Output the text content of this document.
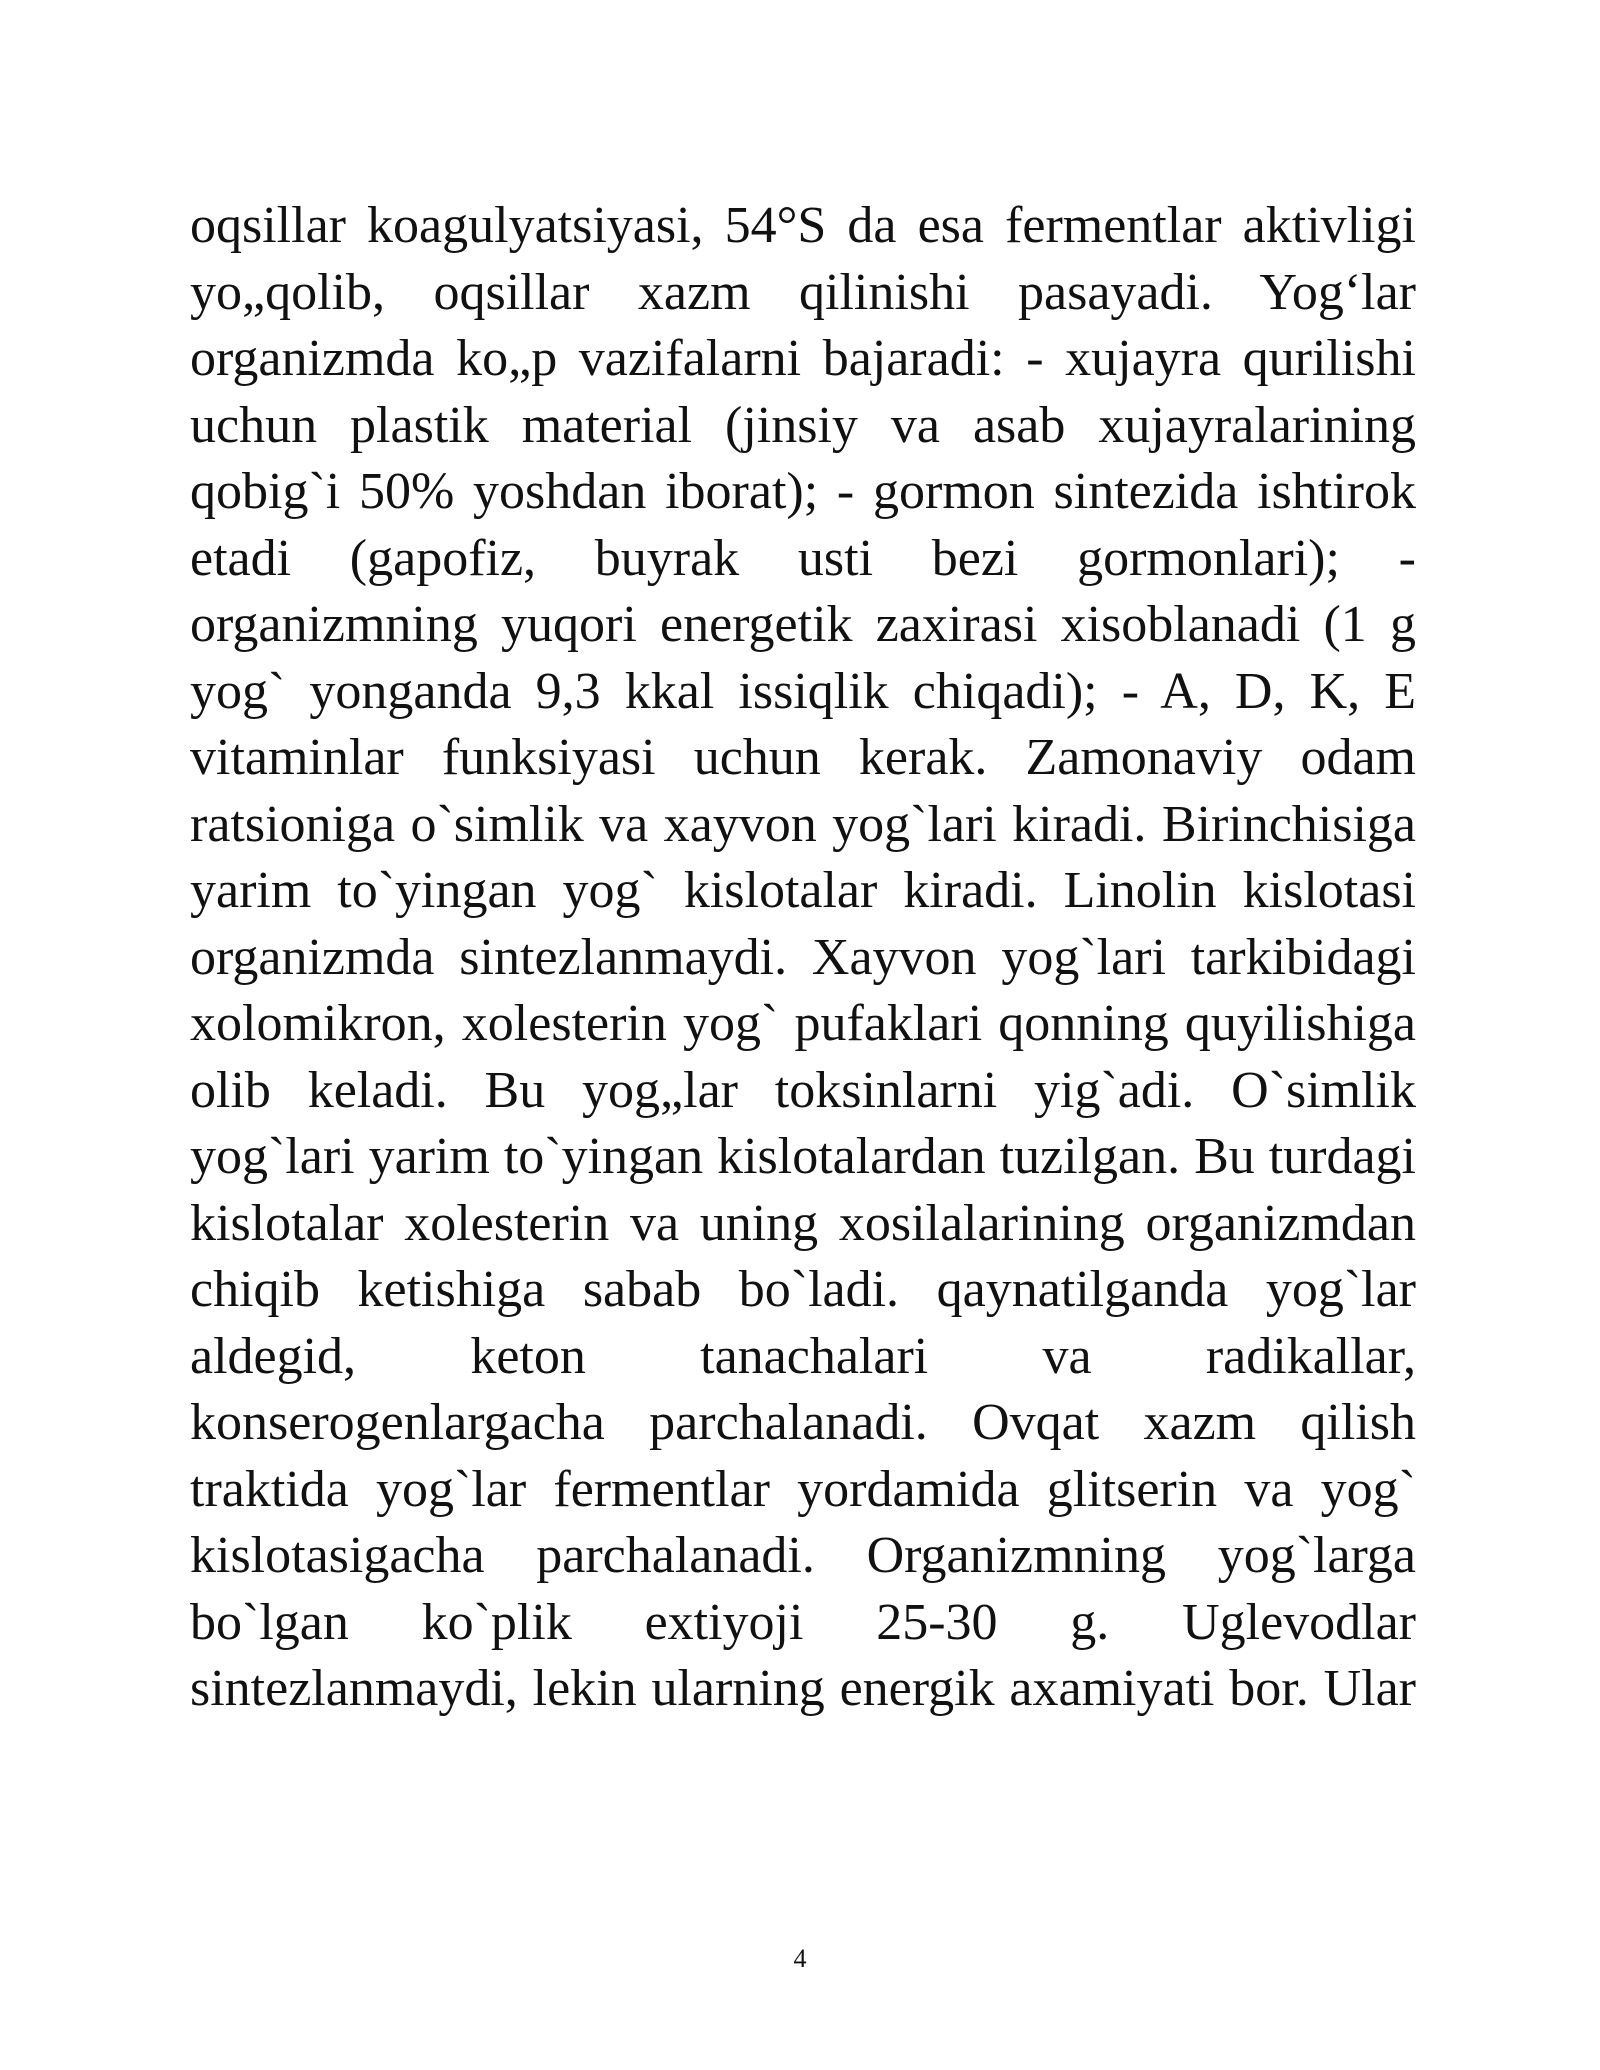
oqsillar koagulyatsiyasi, 54°S da esa fermentlar aktivligi yo„qolib, oqsillar xazm qilinishi pasayadi. Yog‘lar organizmda ko„p vazifalarni bajaradi: - xujayra qurilishi uchun plastik material (jinsiy va asab xujayralarining qobig`i 50% yoshdan iborat); - gormon sintezida ishtirok etadi (gapofiz, buyrak usti bezi gormonlari); - organizmning yuqori energetik zaxirasi xisoblanadi (1 g yog` yonganda 9,3 kkal issiqlik chiqadi); - A, D, K, E vitaminlar funksiyasi uchun kerak. Zamonaviy odam ratsioniga o`simlik va xayvon yog`lari kiradi. Birinchisiga yarim to`yingan yog` kislotalar kiradi. Linolin kislotasi organizmda sintezlanmaydi. Xayvon yog`lari tarkibidagi xolomikron, xolesterin yog` pufaklari qonning quyilishiga olib keladi. Bu yog„lar toksinlarni yig`adi. O`simlik yog`lari yarim to`yingan kislotalardan tuzilgan. Bu turdagi kislotalar xolesterin va uning xosilalarining organizmdan chiqib ketishiga sabab bo`ladi. qaynatilganda yog`lar aldegid, keton tanachalari va radikallar, konserogenlargacha parchalanadi. Ovqat xazm qilish traktida yog`lar fermentlar yordamida glitserin va yog` kislotasigacha parchalanadi. Organizmning yog`larga bo`lgan ko`plik extiyoji 25-30 g. Uglevodlar sintezlanmaydi, lekin ularning energik axamiyati bor. Ular

4
